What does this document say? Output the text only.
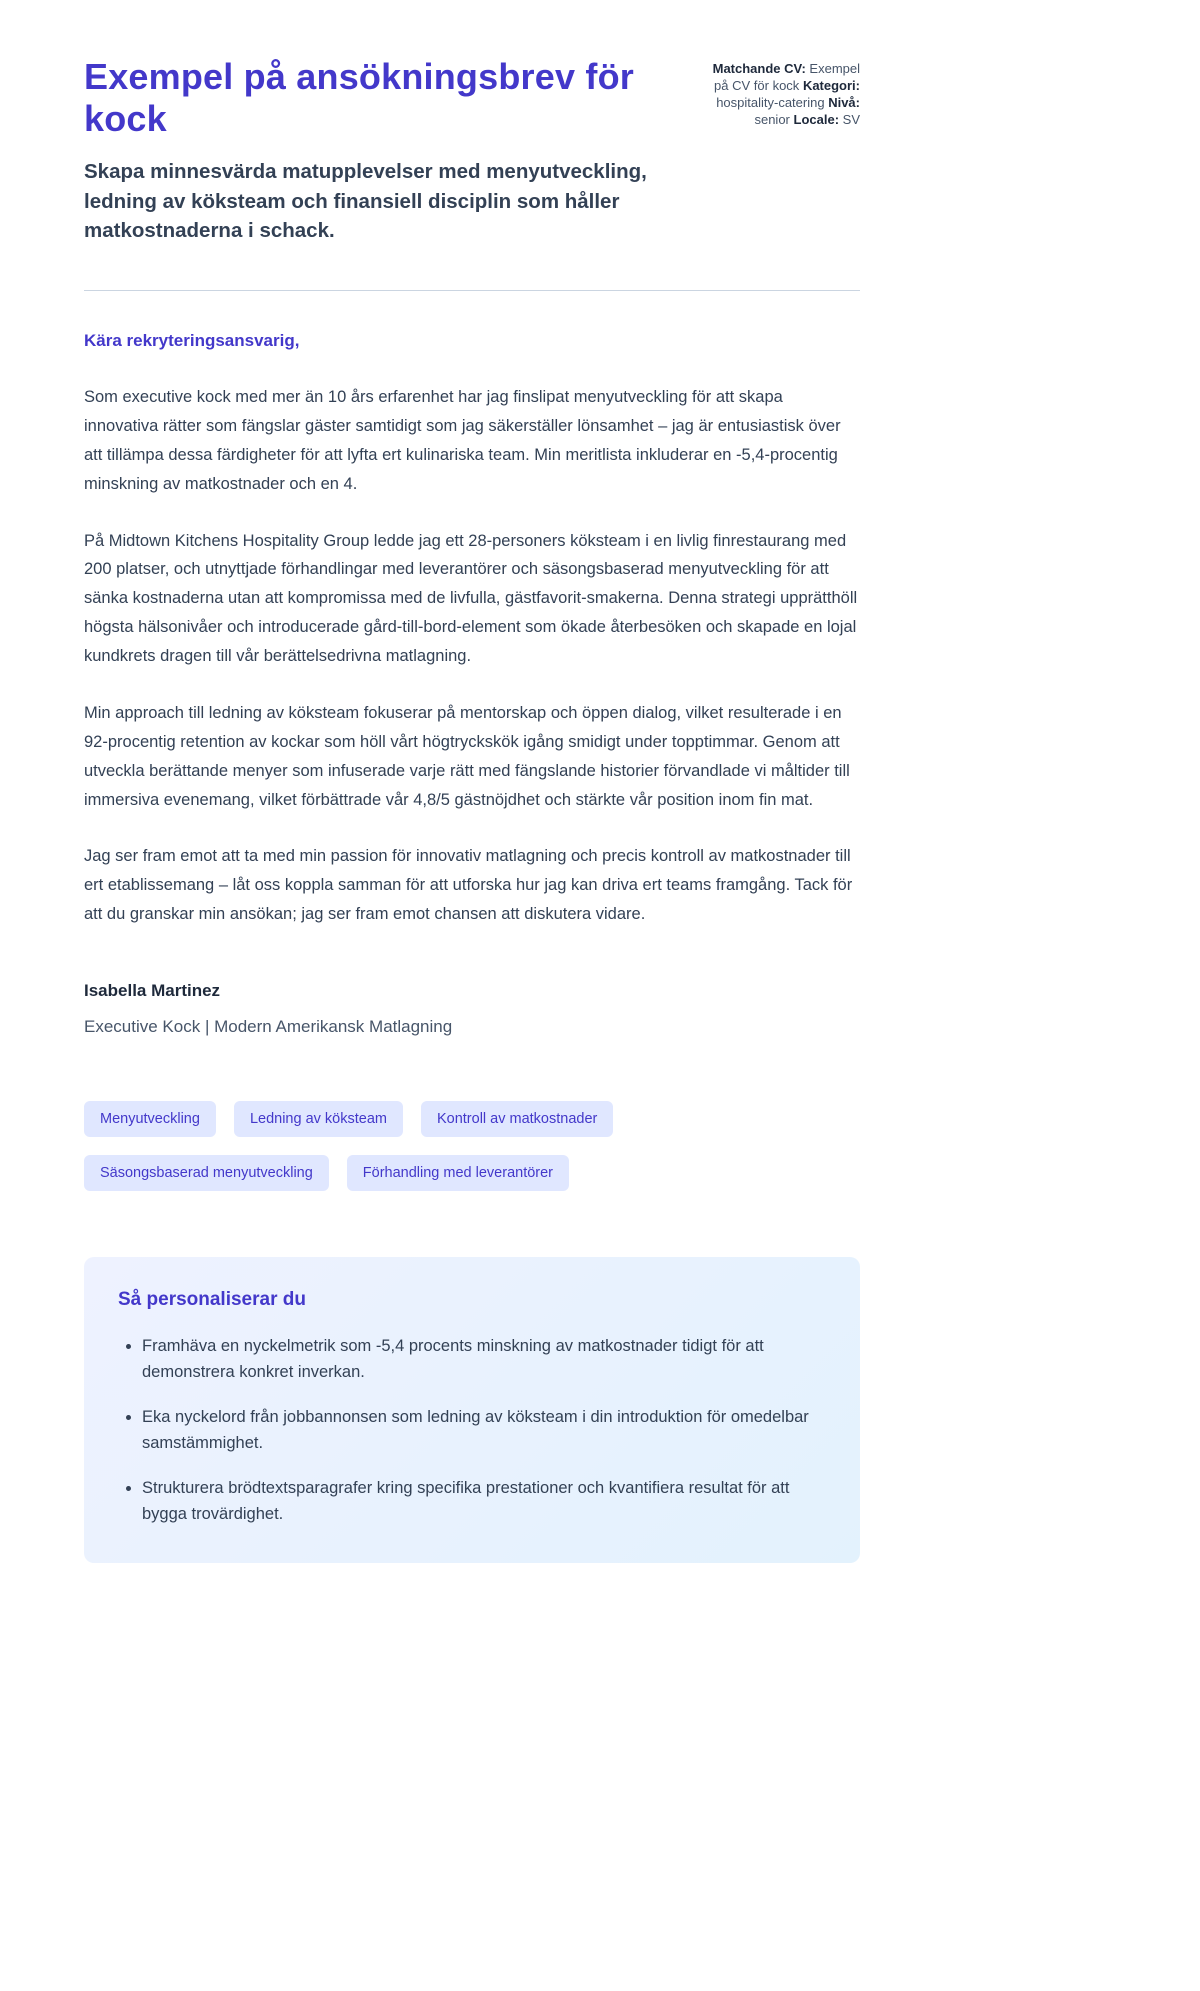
Exempel på ansökningsbrev för kock
Skapa minnesvärda matupplevelser med menyutveckling, ledning av köksteam och finansiell disciplin som håller matkostnaderna i schack.
Matchande CV: Exempel på CV för kock Kategori: hospitality-catering Nivå: senior Locale: SV

Kära rekryteringsansvarig,

Som executive kock med mer än 10 års erfarenhet har jag finslipat menyutveckling för att skapa innovativa rätter som fängslar gäster samtidigt som jag säkerställer lönsamhet – jag är entusiastisk över att tillämpa dessa färdigheter för att lyfta ert kulinariska team. Min meritlista inkluderar en -5,4-procentig minskning av matkostnader och en 4.

På Midtown Kitchens Hospitality Group ledde jag ett 28-personers köksteam i en livlig finrestaurang med 200 platser, och utnyttjade förhandlingar med leverantörer och säsongsbaserad menyutveckling för att sänka kostnaderna utan att kompromissa med de livfulla, gästfavorit-smakerna. Denna strategi upprätthöll högsta hälsonivåer och introducerade gård-till-bord-element som ökade återbesöken och skapade en lojal kundkrets dragen till vår berättelsedrivna matlagning.

Min approach till ledning av köksteam fokuserar på mentorskap och öppen dialog, vilket resulterade i en 92-procentig retention av kockar som höll vårt högtryckskök igång smidigt under topptimmar. Genom att utveckla berättande menyer som infuserade varje rätt med fängslande historier förvandlade vi måltider till immersiva evenemang, vilket förbättrade vår 4,8/5 gästnöjdhet och stärkte vår position inom fin mat.

Jag ser fram emot att ta med min passion för innovativ matlagning och precis kontroll av matkostnader till ert etablissemang – låt oss koppla samman för att utforska hur jag kan driva ert teams framgång. Tack för att du granskar min ansökan; jag ser fram emot chansen att diskutera vidare.

Isabella Martinez

Executive Kock | Modern Amerikansk Matlagning

Menyutveckling	Ledning av köksteam	Kontroll av matkostnader
Säsongsbaserad menyutveckling	Förhandling med leverantörer
Så personaliserar du
• Framhäva en nyckelmetrik som -5,4 procents minskning av matkostnader tidigt för att demonstrera konkret inverkan.
• Eka nyckelord från jobbannonsen som ledning av köksteam i din introduktion för omedelbar samstämmighet.
• Strukturera brödtextsparagrafer kring specifika prestationer och kvantifiera resultat för att bygga trovärdighet.
